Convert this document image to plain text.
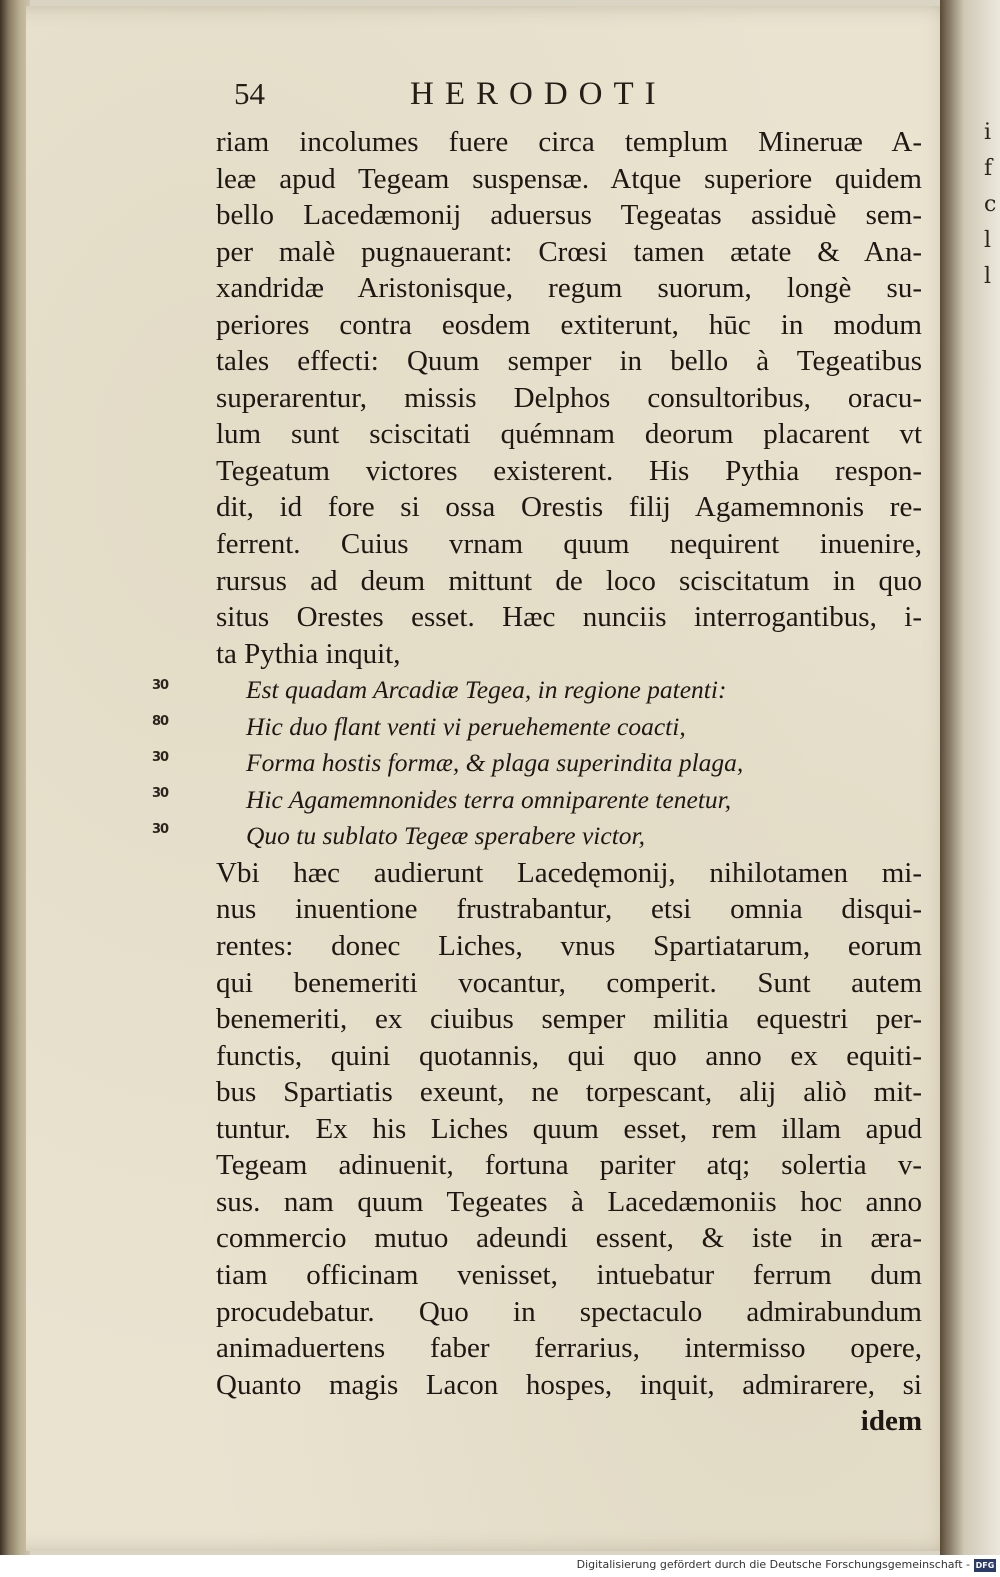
i
f
c
l
l
54	HERODOTI
30
80
30
30
30
riam incolumes fuere circa templum Mineruæ A-
leæ apud Tegeam suspensæ. Atque superiore quidem
bello Lacedæmonij aduersus Tegeatas assiduè sem-
per malè pugnauerant: Crœsi tamen ætate & Ana-
xandridæ Aristonisque, regum suorum, longè su-
periores contra eosdem extiterunt, hūc in modum
tales effecti: Quum semper in bello à Tegeatibus
superarentur, missis Delphos consultoribus, oracu-
lum sunt sciscitati quémnam deorum placarent vt
Tegeatum victores existerent. His Pythia respon-
dit, id fore si ossa Orestis filij Agamemnonis re-
ferrent. Cuius vrnam quum nequirent inuenire,
rursus ad deum mittunt de loco sciscitatum in quo
situs Orestes esset. Hæc nunciis interrogantibus, i-
ta Pythia inquit,
Est quadam Arcadiæ Tegea, in regione patenti:
Hic duo flant venti vi peruehemente coacti,
Forma hostis formæ, & plaga superindita plaga,
Hic Agamemnonides terra omniparente tenetur,
Quo tu sublato Tegeæ sperabere victor,
Vbi hæc audierunt Lacedęmonij, nihilotamen mi-
nus inuentione frustrabantur, etsi omnia disqui-
rentes: donec Liches, vnus Spartiatarum, eorum
qui benemeriti vocantur, comperit. Sunt autem
benemeriti, ex ciuibus semper militia equestri per-
functis, quini quotannis, qui quo anno ex equiti-
bus Spartiatis exeunt, ne torpescant, alij aliò mit-
tuntur. Ex his Liches quum esset, rem illam apud
Tegeam adinuenit, fortuna pariter atq; solertia v-
sus. nam quum Tegeates à Lacedæmoniis hoc anno
commercio mutuo adeundi essent, & iste in æra-
tiam officinam venisset, intuebatur ferrum dum
procudebatur. Quo in spectaculo admirabundum
animaduertens faber ferrarius, intermisso opere,
Quanto magis Lacon hospes, inquit, admirarere, si
idem
Digitalisierung gefördert durch die Deutsche Forschungsgemeinschaft - DFG
